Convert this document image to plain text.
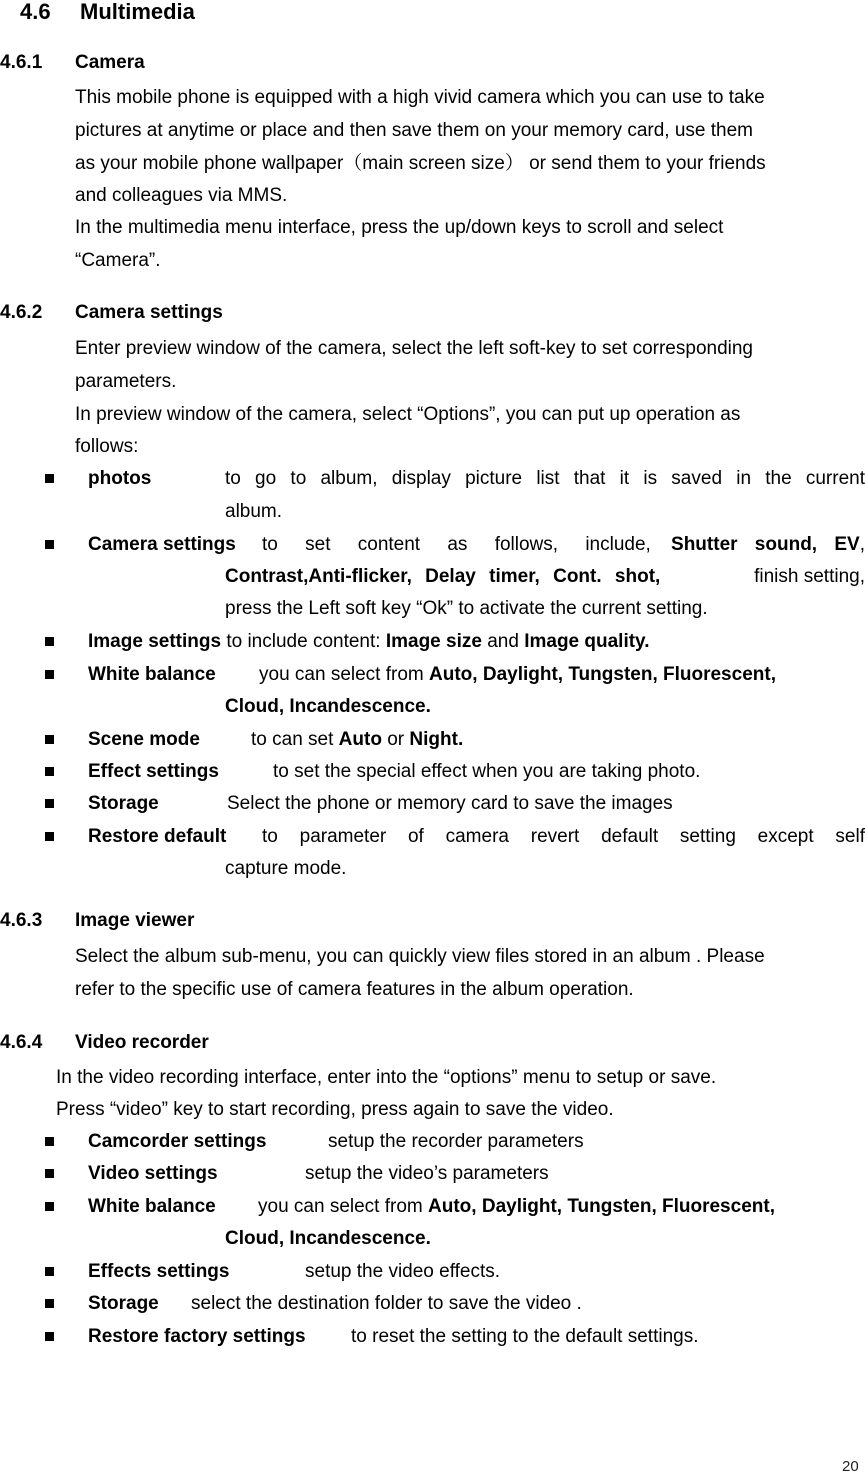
4.6 Multimedia
4.6.1 Camera
This mobile phone is equipped with a high vivid camera which you can use to take
pictures at anytime or place and then save them on your memory card, use them
as your mobile phone wallpaper（main screen size） or send them to your friends
and colleagues via MMS.
In the multimedia menu interface, press the up/down keys to scroll and select
“Camera”.
4.6.2 Camera settings
Enter preview window of the camera, select the left soft-key to set corresponding
parameters.
In preview window of the camera, select “Options”, you can put up operation as
follows:
photos	to go to album, display picture list that it is saved in the current
album.
Camera settings to set content as follows, include, Shutter sound, EV,
Contrast,Anti-flicker, Delay timer, Cont. shot,	finish setting,
press the Left soft key “Ok” to activate the current setting.
Image settings to include content: Image size and Image quality.
White balance you can select from Auto, Daylight, Tungsten, Fluorescent,
Cloud, Incandescence.
Scene mode	to can set Auto or Night.
Effect settings	to set the special effect when you are taking photo.
Storage	Select the phone or memory card to save the images
Restore default to parameter of camera revert default setting except self
capture mode.
4.6.3 Image viewer
Select the album sub-menu, you can quickly view files stored in an album . Please
refer to the specific use of camera features in the album operation.
4.6.4 Video recorder
In the video recording interface, enter into the “options” menu to setup or save.
Press “video” key to start recording, press again to save the video.
Camcorder settings	setup the recorder parameters
Video settings	setup the video’s parameters
White balance you can select from Auto, Daylight, Tungsten, Fluorescent,
Cloud, Incandescence.
Effects settings	setup the video effects.
Storage select the destination folder to save the video .
Restore factory settings to reset the setting to the default settings.
20
